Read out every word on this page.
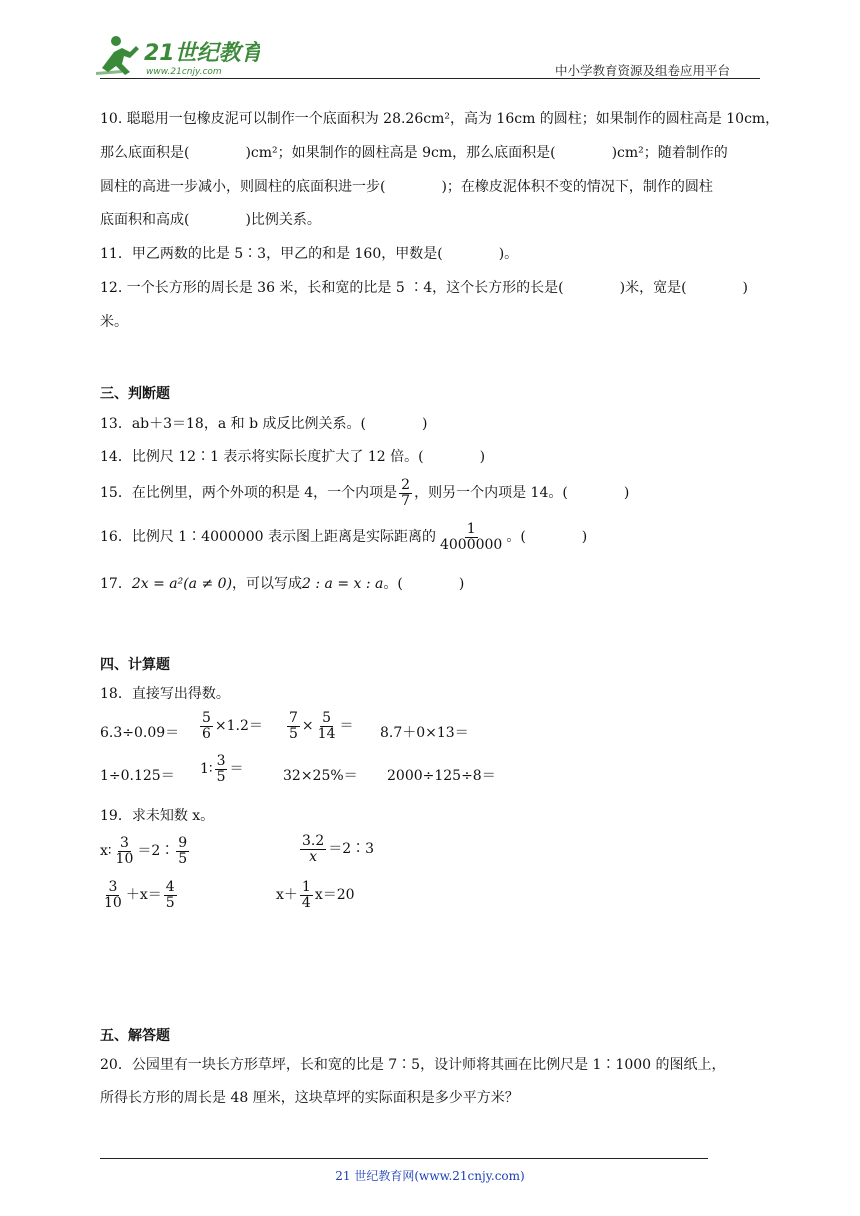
21世纪教育
www.21cnjy.com	中小学教育资源及组卷应用平台
10. 聪聪用一包橡皮泥可以制作一个底面积为 28.26cm²，高为 16cm 的圆柱；如果制作的圆柱高是 10cm，
那么底面积是(　　　　)cm²；如果制作的圆柱高是 9cm，那么底面积是(　　　　)cm²；随着制作的
圆柱的高进一步减小，则圆柱的底面积进一步(　　　　)；在橡皮泥体积不变的情况下，制作的圆柱
底面积和高成(　　　　)比例关系。
11．甲乙两数的比是 5∶3，甲乙的和是 160，甲数是(　　　　)。
12. 一个长方形的周长是 36 米，长和宽的比是 5 ∶4，这个长方形的长是(　　　　)米，宽是(　　　　)
米。
三、判断题
13．ab＋3＝18，a 和 b 成反比例关系。(　　　　)
14．比例尺 12∶1 表示将实际长度扩大了 12 倍。(　　　　)
15．在比例里，两个外项的积是 4，一个内项是 $\frac{2}{7}$ ，则另一个内项是 14。(　　　　)
16．比例尺 1∶4000000 表示图上距离是实际距离的 $\frac{1}{4000000}$ 。(　　　　)
17．2x = a²(a ≠ 0)，可以写成2 : a = x : a。(　　　　)
四、计算题
18．直接写出得数。
$6.3\div 0.09= \frac{5}{6} \times 1.2= \frac{7}{5} \times \frac{5}{14} = 8.7+0\times 13=$
1÷0.125＝ 1∶ $\frac{3}{5}$ ＝	32×25%＝ 2000÷125÷8＝
19．求未知数 x。
x∶ $\frac{3}{10}$ ＝2∶ $\frac{9}{5}$	$\frac{3.2}{x}$ ＝2∶3
$\frac{3}{10} +x= \frac{4}{5}$	$x+ \frac{1}{4} x=20$
五、解答题
20．公园里有一块长方形草坪，长和宽的比是 7∶5，设计师将其画在比例尺是 1∶1000 的图纸上，
所得长方形的周长是 48 厘米，这块草坪的实际面积是多少平方米？
21 世纪教育网(www.21cnjy.com)
